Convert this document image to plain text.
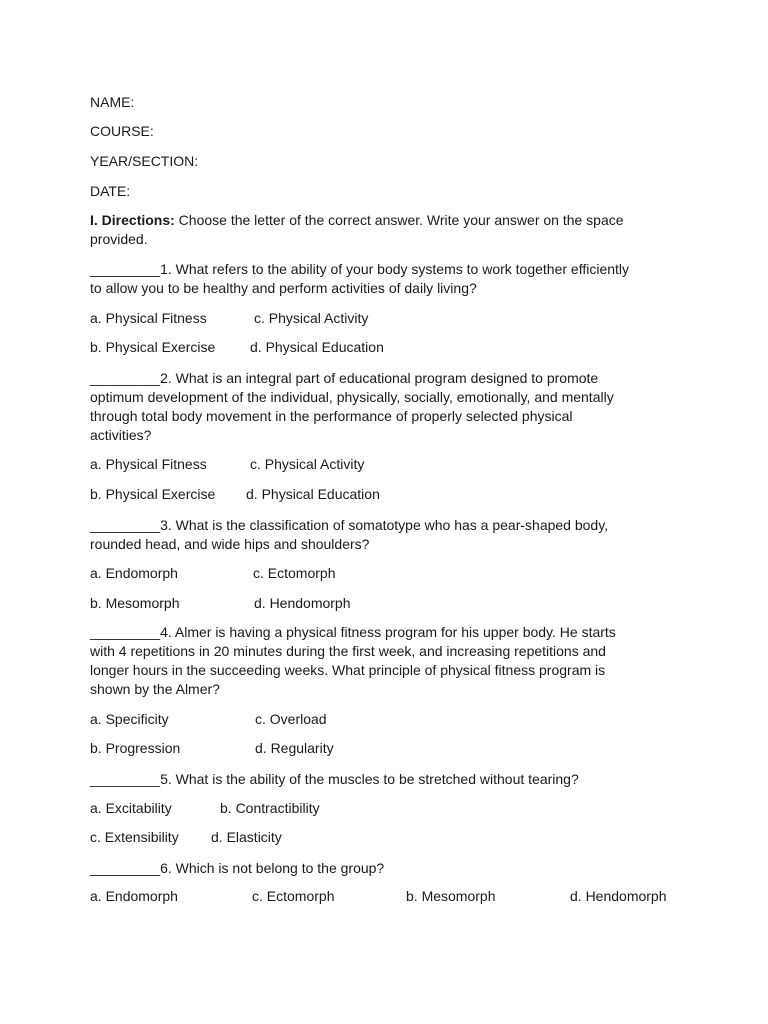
NAME:
COURSE:
YEAR/SECTION:
DATE:
I. Directions: Choose the letter of the correct answer. Write your answer on the space
provided.
_________1. What refers to the ability of your body systems to work together efficiently
to allow you to be healthy and perform activities of daily living?
a. Physical Fitness	c. Physical Activity
b. Physical Exercise d. Physical Education
_________2. What is an integral part of educational program designed to promote
optimum development of the individual, physically, socially, emotionally, and mentally
through total body movement in the performance of properly selected physical
activities?
a. Physical Fitness	c. Physical Activity
b. Physical Exercise d. Physical Education
_________3. What is the classification of somatotype who has a pear-shaped body,
rounded head, and wide hips and shoulders?
a. Endomorph	c. Ectomorph
b. Mesomorph	d. Hendomorph
_________4. Almer is having a physical fitness program for his upper body. He starts
with 4 repetitions in 20 minutes during the first week, and increasing repetitions and
longer hours in the succeeding weeks. What principle of physical fitness program is
shown by the Almer?
a. Specificity	c. Overload
b. Progression	d. Regularity
_________5. What is the ability of the muscles to be stretched without tearing?
a. Excitability	b. Contractibility
c. Extensibility d. Elasticity
_________6. Which is not belong to the group?
a. Endomorph	c. Ectomorph	b. Mesomorph	d. Hendomorph
